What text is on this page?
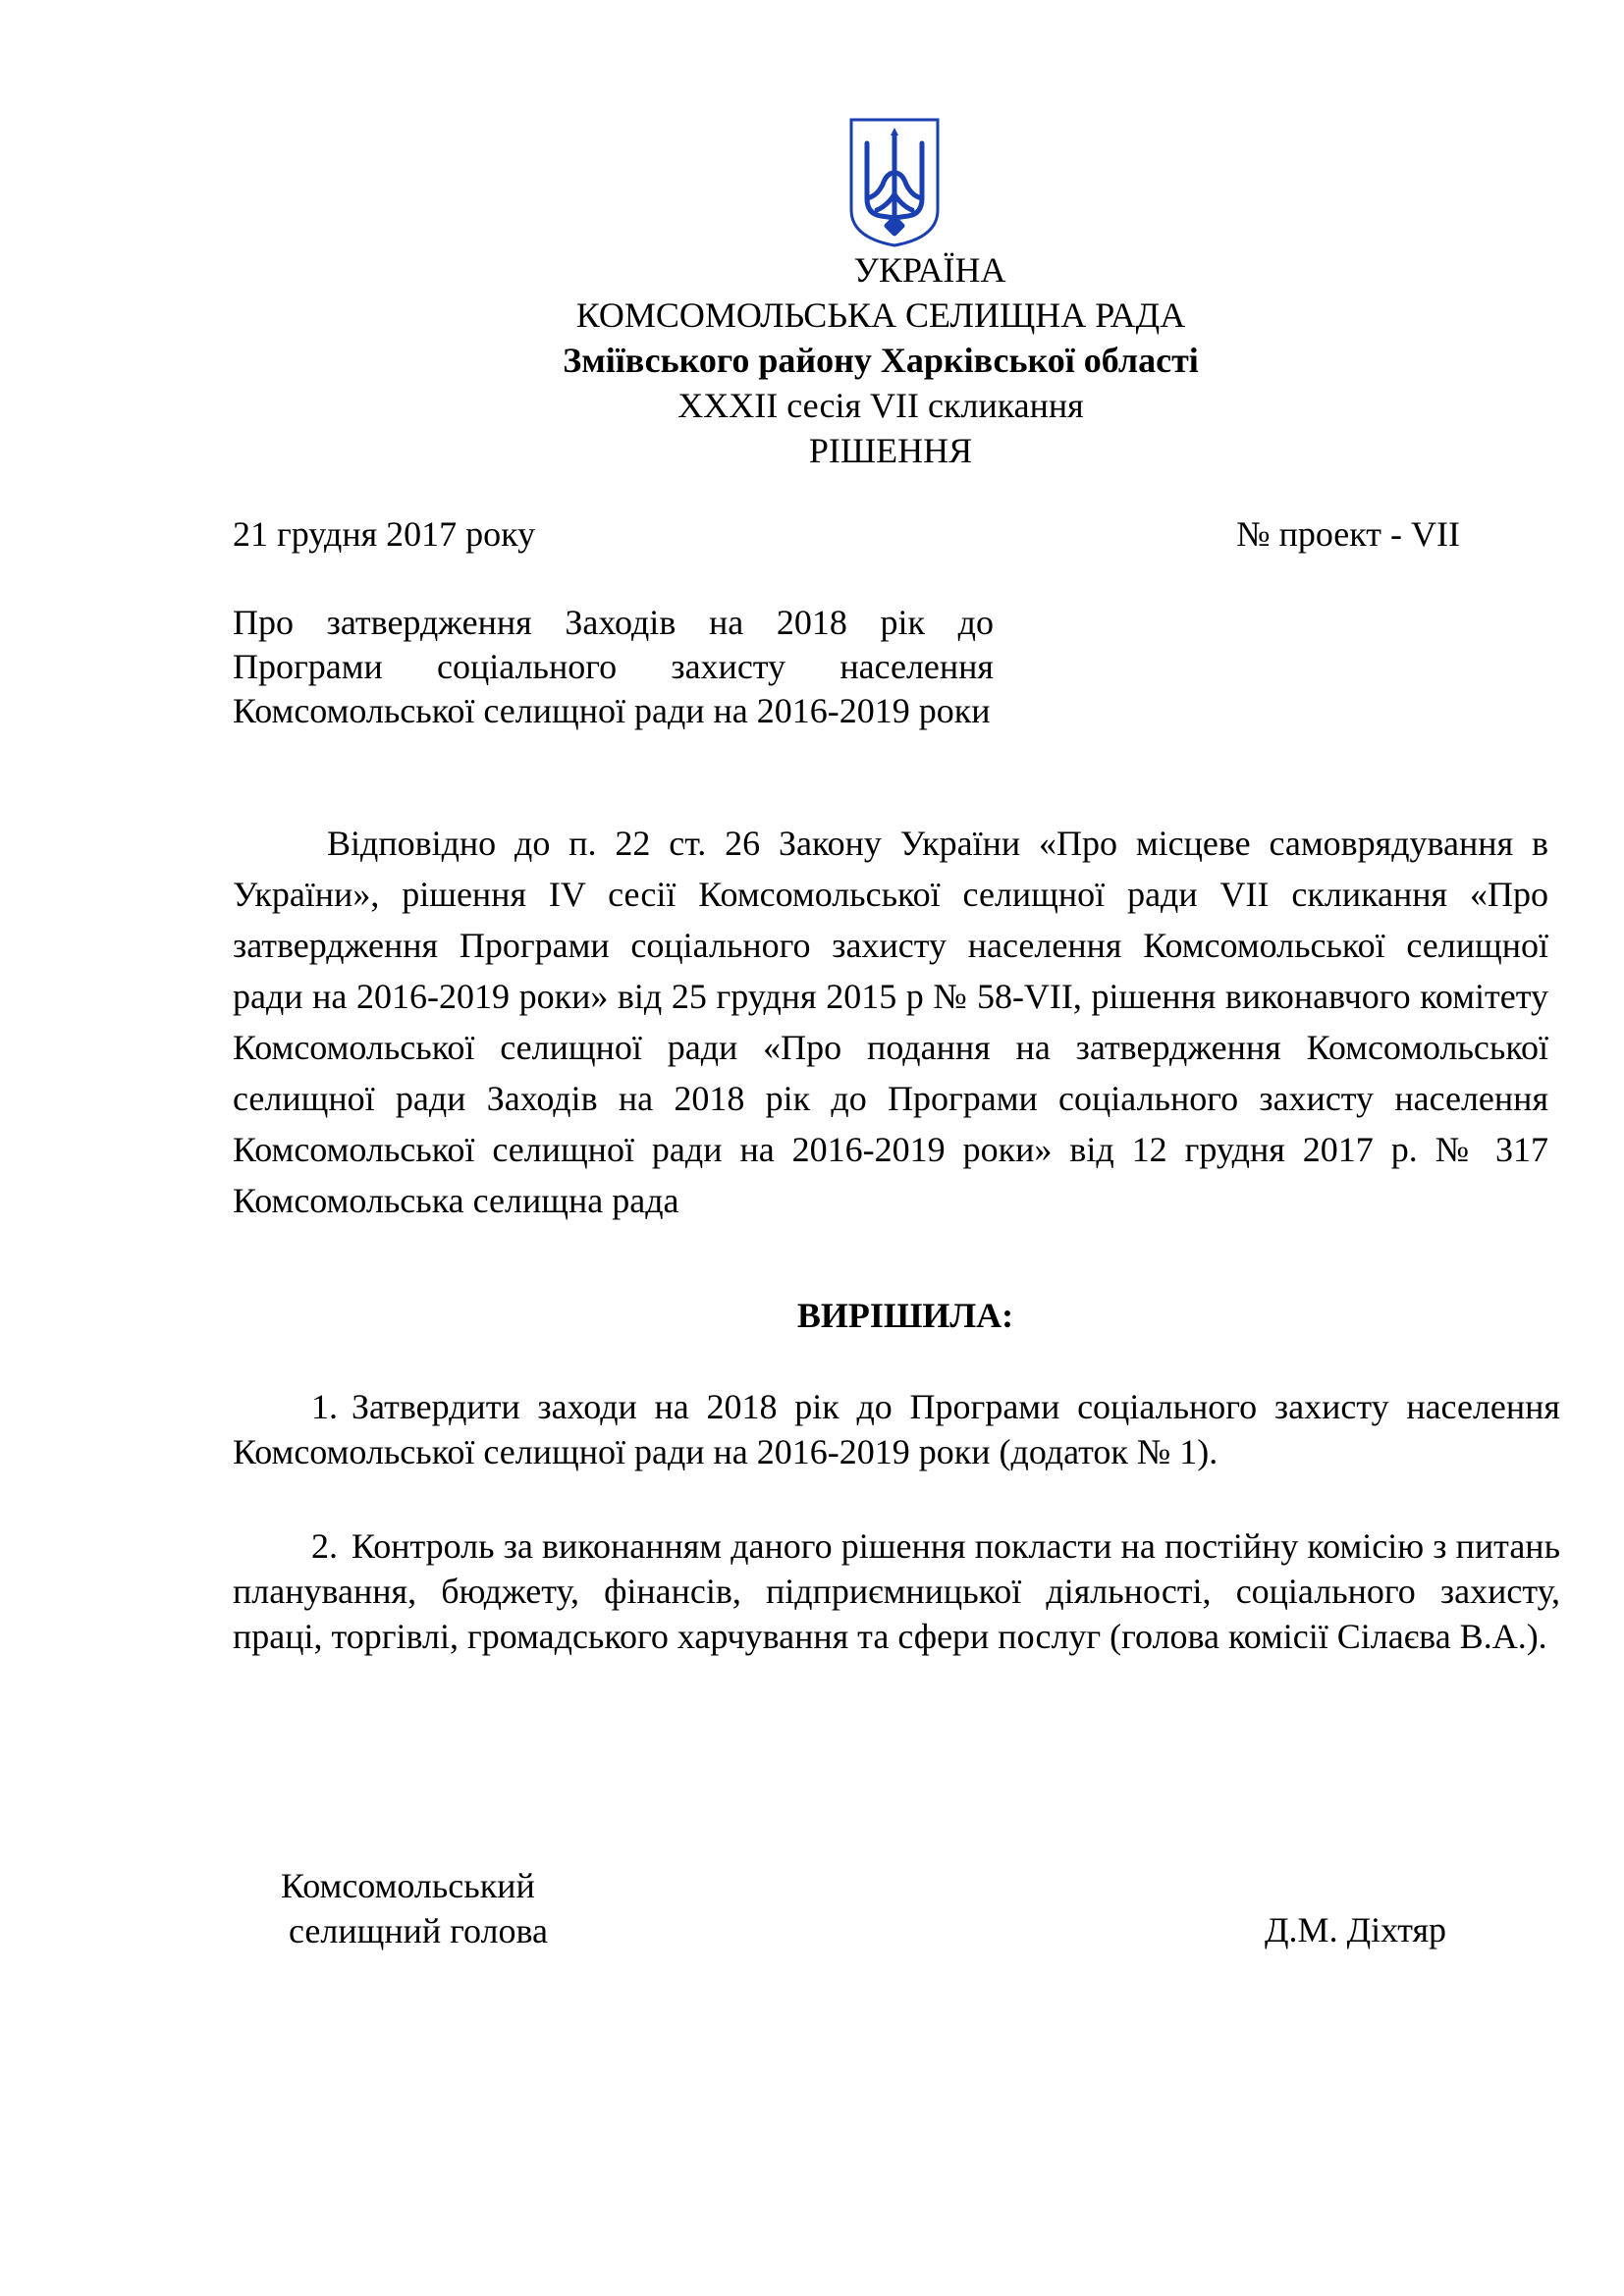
УКРАЇНА
КОМСОМОЛЬСЬКА СЕЛИЩНА РАДА
Зміївського району Харківської області
XXXII сесія VII скликання
РІШЕННЯ
21 грудня 2017 року	№ проект - VII
Про затвердження Заходів на 2018 рік до Програми соціального захисту населення Комсомольської селищної ради на 2016-2019 роки
Відповідно до п. 22 ст. 26 Закону України «Про місцеве самоврядування в України», рішення IV сесії Комсомольської селищної ради VII скликання «Про затвердження Програми соціального захисту населення Комсомольської селищної ради на 2016-2019 роки» від 25 грудня 2015 р № 58-VII, рішення виконавчого комітету Комсомольської селищної ради «Про подання на затвердження Комсомольської селищної ради Заходів на 2018 рік до Програми соціального захисту населення Комсомольської селищної ради на 2016-2019 роки» від 12 грудня 2017 р. № 317 Комсомольська селищна рада
ВИРІШИЛА:
1. Затвердити заходи на 2018 рік до Програми соціального захисту населення Комсомольської селищної ради на 2016-2019 роки (додаток № 1).
2. Контроль за виконанням даного рішення покласти на постійну комісію з питань планування, бюджету, фінансів, підприємницької діяльності, соціального захисту, праці, торгівлі, громадського харчування та сфери послуг (голова комісії Сілаєва В.А.).
Комсомольський
селищний голова	Д.М. Діхтяр
